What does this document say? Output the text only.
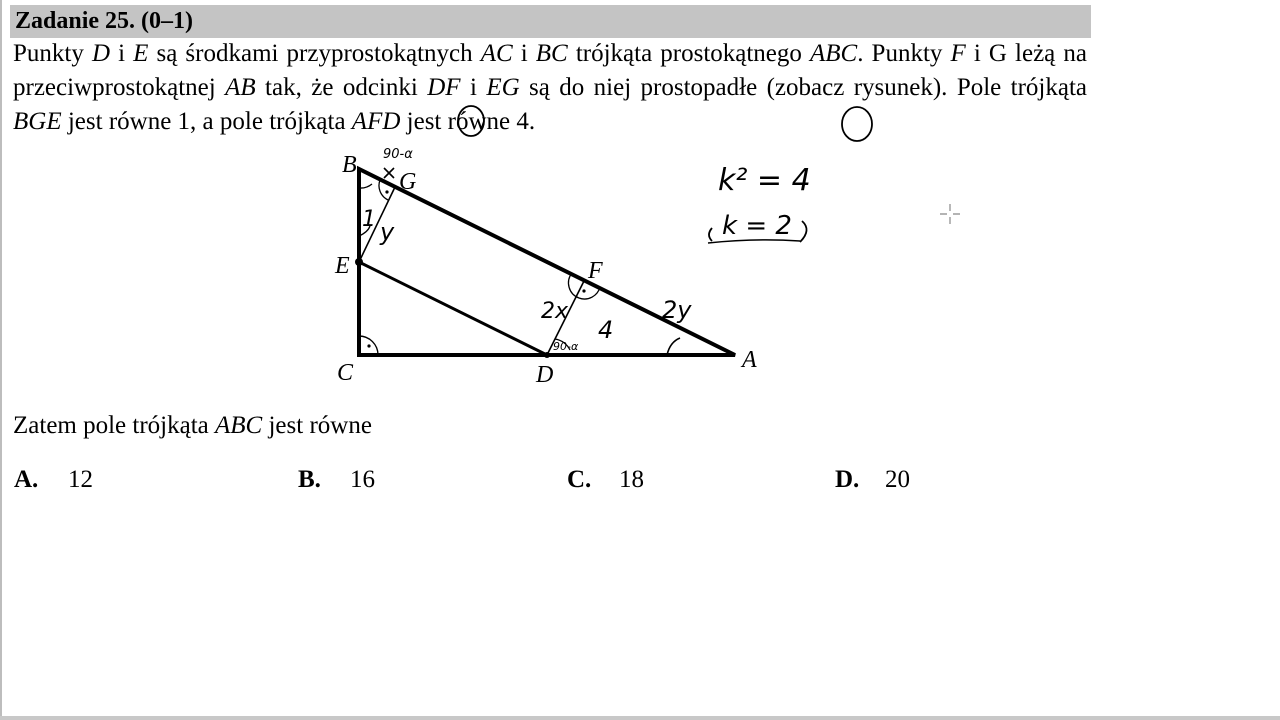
Zadanie 25. (0–1)
Punkty D i E są środkami przyprostokątnych AC i BC trójkąta prostokątnego ABC. Punkty F i G leżą na przeciwprostokątnej AB tak, że odcinki DF i EG są do niej prostopadłe (zobacz rysunek). Pole trójkąta BGE jest równe 1, a pole trójkąta AFD jest równe 4.
B
G
E	F
C	D
A
90-α
1 y
2x
90-α
4
2y
k² = 4
k = 2
Zatem pole trójkąta ABC jest równe
A. 12	B. 16	C. 18	D. 20
